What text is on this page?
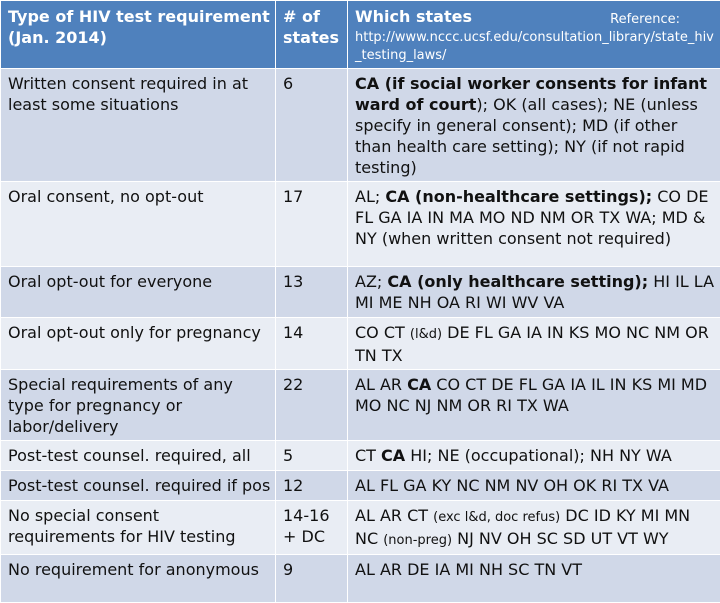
Type of HIV test requirement (Jan. 2014)	# of states	Which states Reference:
http://www.nccc.ucsf.edu/consultation_library/state_hiv_testing_laws/

Written consent required in at least some situations	6	CA (if social worker consents for infant ward of court); OK (all cases); NE (unless specify in general consent); MD (if other than health care setting); NY (if not rapid testing)
Oral consent, no opt-out	17	AL; CA (non-healthcare settings); CO DE FL GA IA IN MA MO ND NM OR TX WA; MD & NY (when written consent not required)
Oral opt-out for everyone	13	AZ; CA (only healthcare setting); HI IL LA MI ME NH OA RI WI WV VA
Oral opt-out only for pregnancy	14	CO CT (l&d) DE FL GA IA IN KS MO NC NM OR TN TX
Special requirements of any type for pregnancy or labor/delivery	22	AL AR CA CO CT DE FL GA IA IL IN KS MI MD MO NC NJ NM OR RI TX WA
Post-test counsel. required, all	5	CT CA HI; NE (occupational); NH NY WA
Post-test counsel. required if pos	12	AL FL GA KY NC NM NV OH OK RI TX VA
No special consent requirements for HIV testing	14-16 + DC	AL AR CT (exc l&d, doc refus) DC ID KY MI MN NC (non-preg) NJ NV OH SC SD UT VT WY
No requirement for anonymous	9	AL AR DE IA MI NH SC TN VT
